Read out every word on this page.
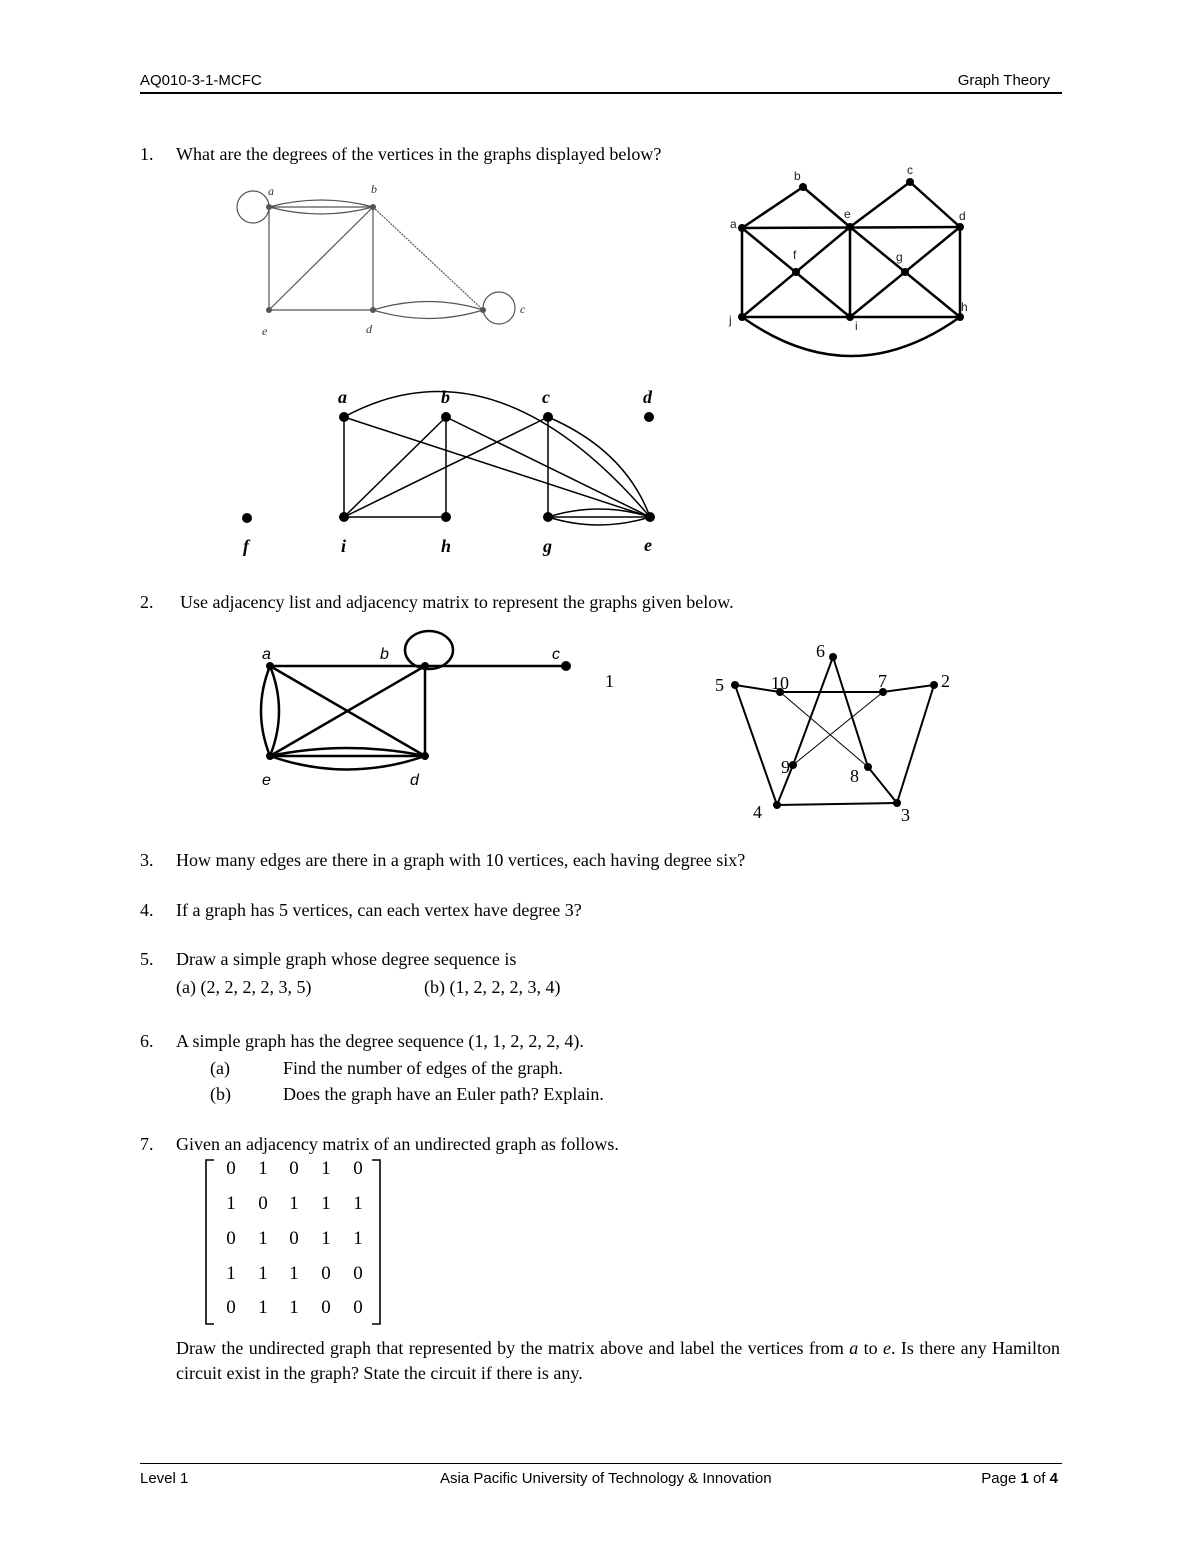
AQ010-3-1-MCFC	Graph Theory
1. What are the degrees of the vertices in the graphs displayed below?
a	b
c
d
e
a
b	c
d
e
f	g
h
i
j
a	b	c	d
e
f	g
h
i
2. Use adjacency list and adjacency matrix to represent the graphs given below.
a	b	c
d
e
1	2
3
4
5
6
7
8
9
10
3. How many edges are there in a graph with 10 vertices, each having degree six?
4. If a graph has 5 vertices, can each vertex have degree 3?
5. Draw a simple graph whose degree sequence is
(a) (2, 2, 2, 2, 3, 5)	(b) (1, 2, 2, 2, 3, 4)
6. A simple graph has the degree sequence (1, 1, 2, 2, 2, 4).
(a)	Find the number of edges of the graph.
(b)	Does the graph have an Euler path? Explain.
7. Given an adjacency matrix of an undirected graph as follows.
0	1	0	1	0
1	0	1	1	1
0	1	0	1	1
1	1	1	0	0
0	1	1	0	0
Draw the undirected graph that represented by the matrix above and label the vertices from a to e. Is there any Hamilton circuit exist in the graph? State the circuit if there is any.
Level 1	Asia Pacific University of Technology & Innovation	Page 1 of 4
